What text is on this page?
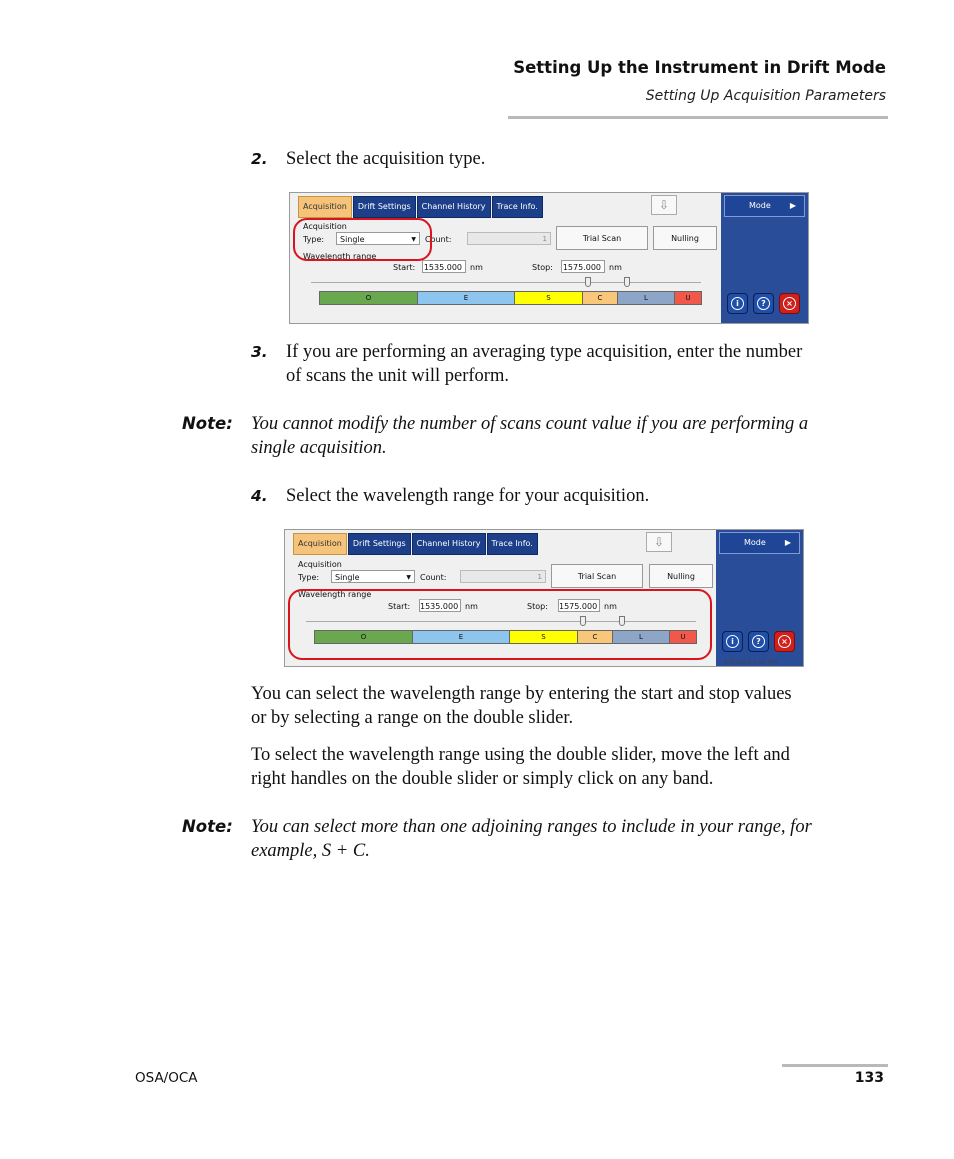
Setting Up the Instrument in Drift Mode
Setting Up Acquisition Parameters
2. Select the acquisition type.
Acquisition	Drift Settings	Channel History	Trace Info.	⇩
Acquisition
Type:	Single	▼ Count:	1	Trial Scan	Nulling
Wavelength range
Start: 1535.000	nm	Stop: 1575.000	nm
O	E	S	C	L	U
Mode ▶
i	?	×
3. If you are performing an averaging type acquisition, enter the number
of scans the unit will perform.
Note: You cannot modify the number of scans count value if you are performing a
single acquisition.
4. Select the wavelength range for your acquisition.
Acquisition	Drift Settings	Channel History	Trace Info.	⇩
Acquisition
Type:	Single	▼ Count:	1	Trial Scan	Nulling
Wavelength range
Start: 1535.000 nm	Stop: 1575.000 nm
O	E	S	C	L	U
Mode ▶
i	?	×
6/5/2012 1:02 PM
You can select the wavelength range by entering the start and stop values
or by selecting a range on the double slider.
To select the wavelength range using the double slider, move the left and
right handles on the double slider or simply click on any band.
Note: You can select more than one adjoining ranges to include in your range, for
example, S + C.
OSA/OCA	133
